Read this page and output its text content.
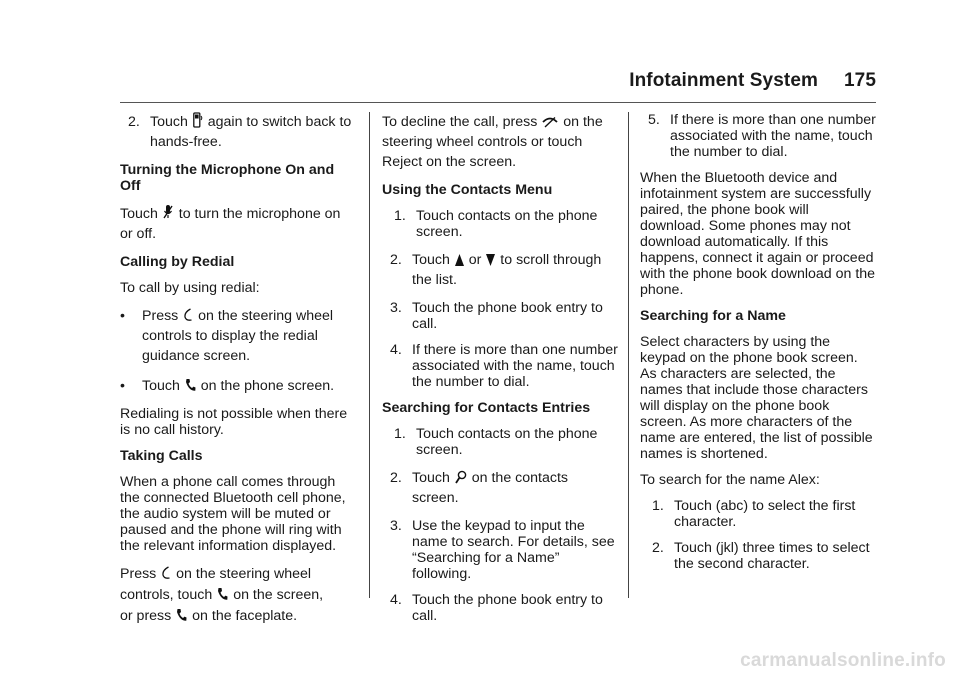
Infotainment System 175
2. Touch again to switch back to hands-free.

Turning the Microphone On and Off

Touch to turn the microphone on or off.

Calling by Redial

To call by using redial:

•	Press on the steering wheel controls to display the redial guidance screen.
•	Touch on the phone screen.

Redialing is not possible when there is no call history.

Taking Calls

When a phone call comes through the connected Bluetooth cell phone, the audio system will be muted or paused and the phone will ring with the relevant information displayed.

Press on the steering wheel
controls, touch on the screen,
or press on the faceplate.

To decline the call, press on the steering wheel controls or touch Reject on the screen.

Using the Contacts Menu

1. Touch contacts on the phone screen.
2. Touch or to scroll through the list.
3. Touch the phone book entry to call.
4. If there is more than one number associated with the name, touch the number to dial.

Searching for Contacts Entries

1. Touch contacts on the phone screen.
2. Touch on the contacts screen.
3. Use the keypad to input the name to search. For details, see “Searching for a Name” following.
4. Touch the phone book entry to call.
5. If there is more than one number associated with the name, touch the number to dial.

When the Bluetooth device and infotainment system are successfully paired, the phone book will download. Some phones may not download automatically. If this happens, connect it again or proceed with the phone book download on the phone.

Searching for a Name

Select characters by using the keypad on the phone book screen. As characters are selected, the names that include those characters will display on the phone book screen. As more characters of the name are entered, the list of possible names is shortened.

To search for the name Alex:

1. Touch (abc) to select the first character.
2. Touch (jkl) three times to select the second character.
carmanualsonline.info
